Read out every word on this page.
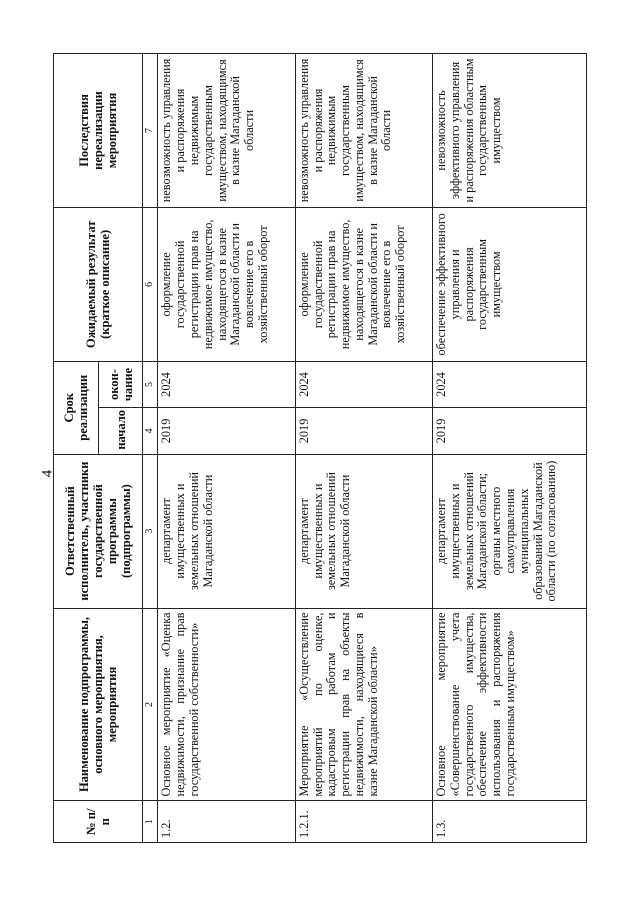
4
№ п/п	Наименование подпрограммы, основного мероприятия, мероприятия	Ответственный исполнитель, участники государственной программы (подпрограммы)	Срок реализации		Ожидаемый результат (краткое описание)	Последствия нереализации мероприятия
			начало	окон-чание		
1	2	3	4	5	6	7
1.2.	Основное мероприятие «Оценка недвижимости, признание прав государственной собственности»	департамент имущественных и земельных отношений Магаданской области	2019	2024	оформление государственной регистрации прав на недвижимое имущество, находящегося в казне Магаданской области и вовлечение его в хозяйственный оборот	невозможность управления и распоряжения недвижимым государственным имуществом, находящимся в казне Магаданской области
1.2.1.	Мероприятие «Осуществление мероприятий по оценке, кадастровым работам и регистрации прав на объекты недвижимости, находящиеся в казне Магаданской области»	департамент имущественных и земельных отношений Магаданской области	2019	2024	оформление государственной регистрации прав на недвижимое имущество, находящегося в казне Магаданской области и вовлечение его в хозяйственный оборот	невозможность управления и распоряжения недвижимым государственным имуществом, находящимся в казне Магаданской области
1.3.	Основное мероприятие «Совершенствование учета государственного имущества, обеспечение эффективности использования и распоряжения государственным имуществом»	департамент имущественных и земельных отношений Магаданской области; органы местного самоуправления муниципальных образований Магаданской области (по согласованию)	2019	2024	обеспечение эффективного управления и распоряжения государственным имуществом	невозможность эффективного управления и распоряжения областным государственным имуществом
